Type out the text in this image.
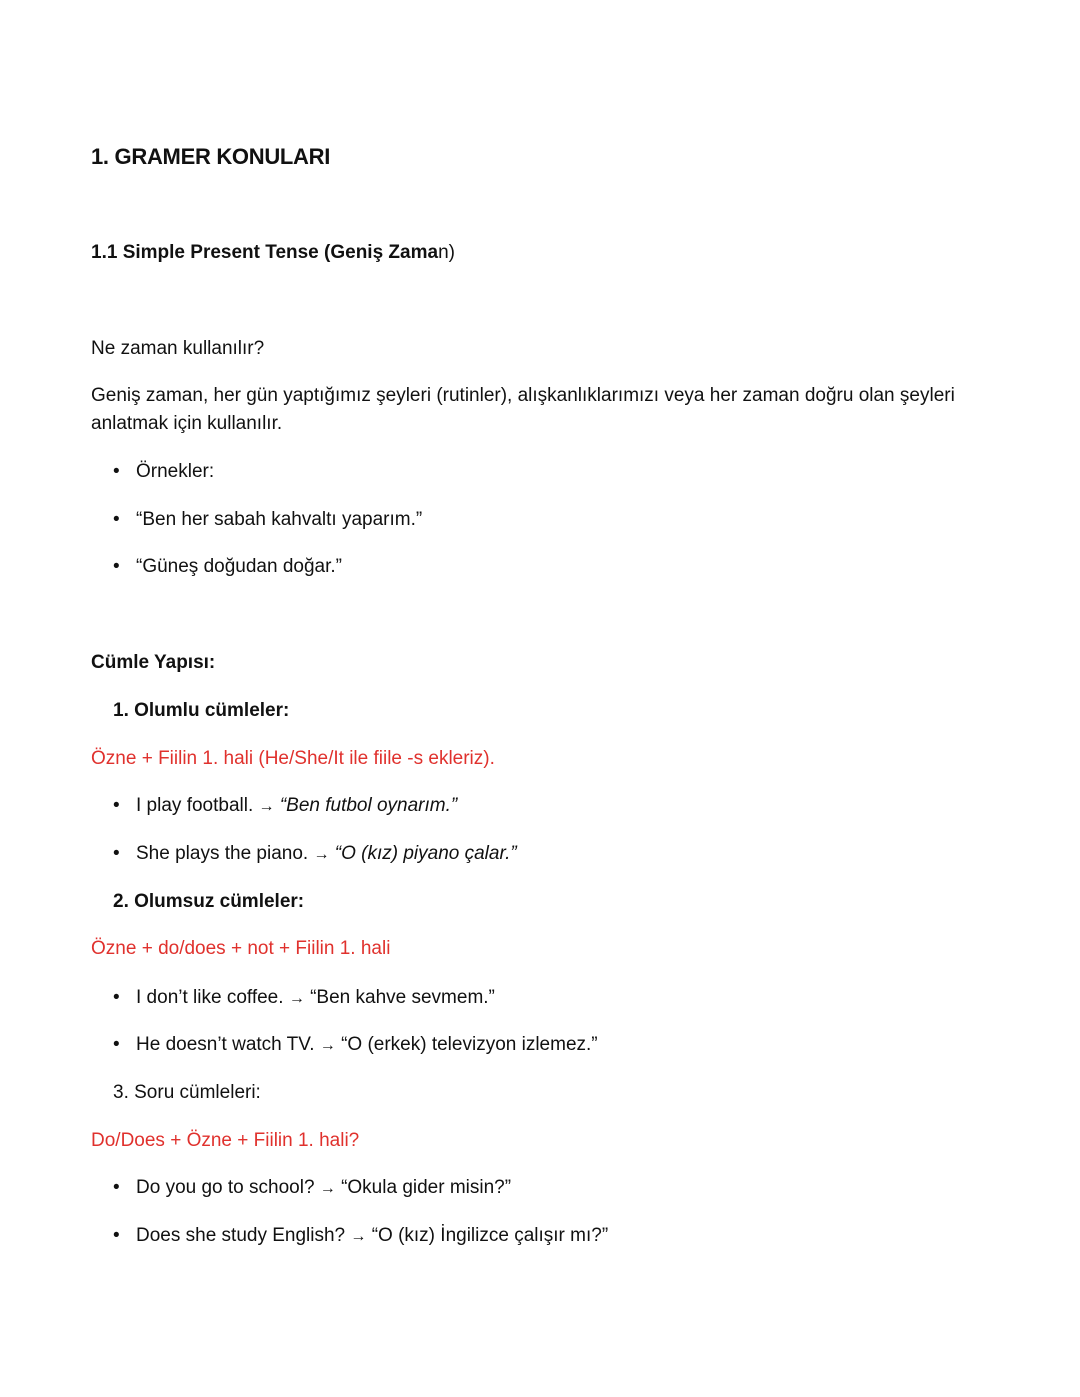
1. GRAMER KONULARI
1.1 Simple Present Tense (Geniş Zaman)
Ne zaman kullanılır?
Geniş zaman, her gün yaptığımız şeyleri (rutinler), alışkanlıklarımızı veya her zaman doğru olan şeyleri anlatmak için kullanılır.
• Örnekler:
• “Ben her sabah kahvaltı yaparım.”
• “Güneş doğudan doğar.”
Cümle Yapısı:
1. Olumlu cümleler:
Özne + Fiilin 1. hali (He/She/It ile fiile -s ekleriz).
• I play football. → “Ben futbol oynarım.”
• She plays the piano. → “O (kız) piyano çalar.”
2. Olumsuz cümleler:
Özne + do/does + not + Fiilin 1. hali
• I don’t like coffee. → “Ben kahve sevmem.”
• He doesn’t watch TV. → “O (erkek) televizyon izlemez.”
3. Soru cümleleri:
Do/Does + Özne + Fiilin 1. hali?
• Do you go to school? → “Okula gider misin?”
• Does she study English? → “O (kız) İngilizce çalışır mı?”
